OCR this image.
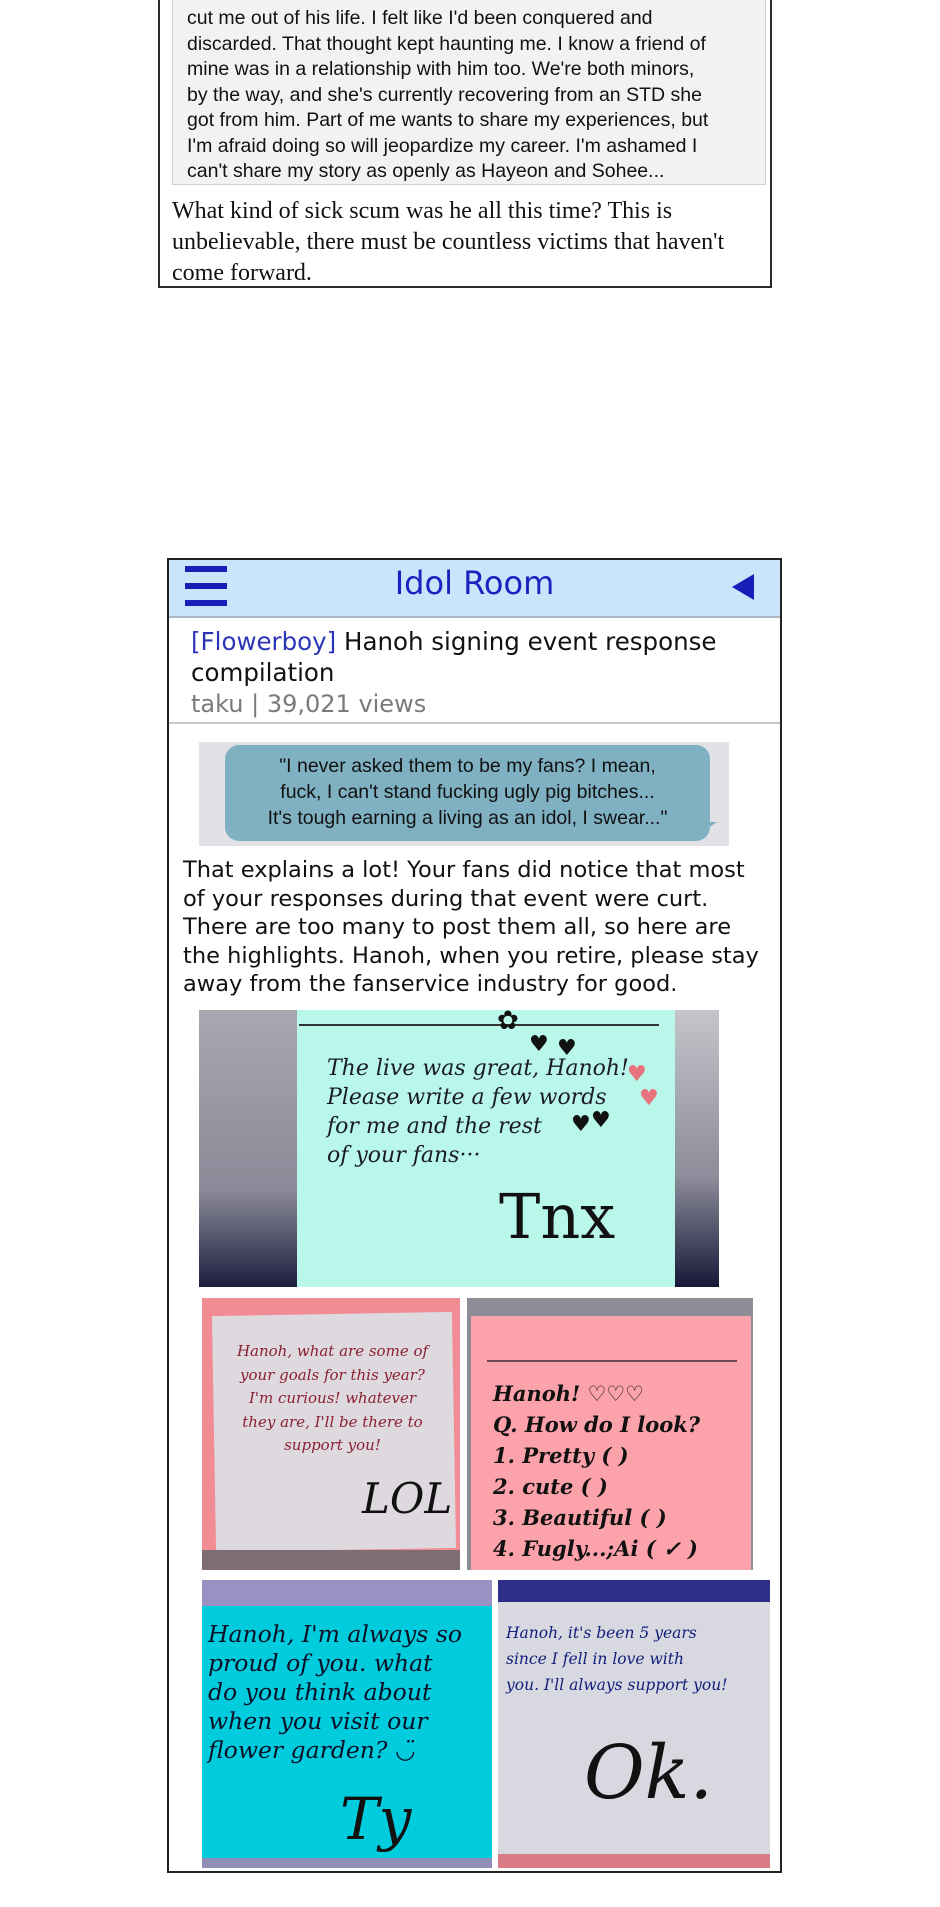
cut me out of his life. I felt like I'd been conquered and
discarded. That thought kept haunting me. I know a friend of
mine was in a relationship with him too. We're both minors,
by the way, and she's currently recovering from an STD she
got from him. Part of me wants to share my experiences, but
I'm afraid doing so will jeopardize my career. I'm ashamed I
can't share my story as openly as Hayeon and Sohee...
What kind of sick scum was he all this time? This is unbelievable, there must be countless victims that haven't come forward.
Idol Room
[Flowerboy] Hanoh signing event response compilation
taku | 39,021 views
"I never asked them to be my fans? I mean,
fuck, I can't stand fucking ugly pig bitches...
It's tough earning a living as an idol, I swear..."
That explains a lot! Your fans did notice that most of your responses during that event were curt. There are too many to post them all, so here are the highlights. Hanoh, when you retire, please stay away from the fanservice industry for good.
✿
♥ ♥
♥
♥
♥ ♥
The live was great, Hanoh!
Please write a few words
for me and the rest
of your fans···
Tnx
Hanoh, what are some of
your goals for this year?
I'm curious! whatever
they are, I'll be there to
support you!
LOL
Hanoh! ♡♡♡
Q. How do I look?
1. Pretty ( )
2. cute ( )
3. Beautiful ( )
4. Fugly...;Ai ( ✓ )
Hanoh, I'm always so
proud of you. what
do you think about
when you visit our
flower garden? ◡̈
Ty
Hanoh, it's been 5 years
since I fell in love with
you. I'll always support you!
Ok.
